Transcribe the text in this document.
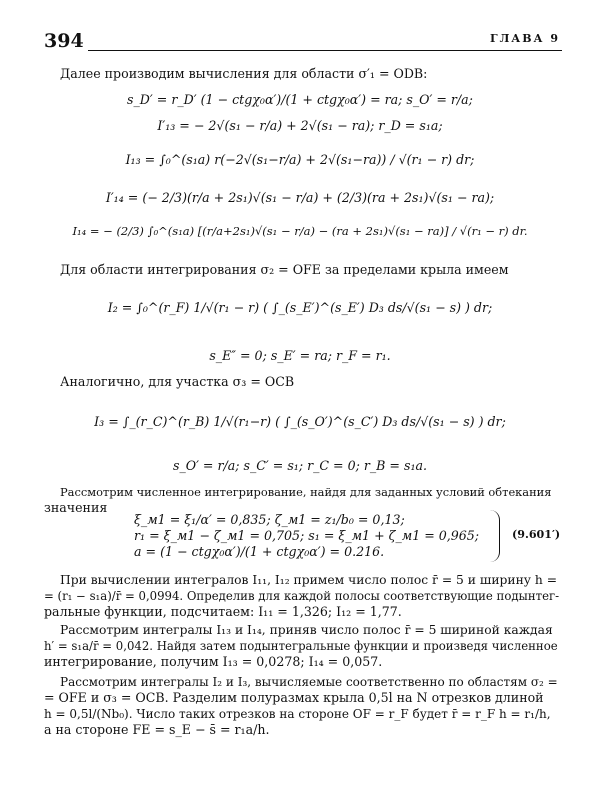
394	ГЛАВА 9
Далее производим вычисления для области σ′₁ = ODB:
s_D′ = r_D′ (1 − ctgχ₀α′)/(1 + ctgχ₀α′) = ra; s_O′ = r/a;
I′₁₃ = − 2√(s₁ − r/a) + 2√(s₁ − ra); r_D = s₁a;
I₁₃ = ∫₀^(s₁a) r(−2√(s₁−r/a) + 2√(s₁−ra)) / √(r₁ − r) dr;
I′₁₄ = (− 2/3)(r/a + 2s₁)√(s₁ − r/a) + (2/3)(ra + 2s₁)√(s₁ − ra);
I₁₄ = − (2/3) ∫₀^(s₁a) [(r/a+2s₁)√(s₁ − r/a) − (ra + 2s₁)√(s₁ − ra)] / √(r₁ − r) dr.
Для области интегрирования σ₂ = OFE за пределами крыла имеем
I₂ = ∫₀^(r_F) 1/√(r₁ − r) ( ∫_(s_E′)^(s_E′) D₃ ds/√(s₁ − s) ) dr;
s_E″ = 0; s_E′ = ra; r_F = r₁.
Аналогично, для участка σ₃ = OCB
I₃ = ∫_(r_C)^(r_B) 1/√(r₁−r) ( ∫_(s_O′)^(s_C′) D₃ ds/√(s₁ − s) ) dr;
s_O′ = r/a; s_C′ = s₁; r_C = 0; r_B = s₁a.
Рассмотрим численное интегрирование, найдя для заданных условий обтекания
значения
ξ_м1 = ξ₁/α′ = 0,835; ζ_м1 = z₁/b₀ = 0,13;
r₁ = ξ_м1 − ζ_м1 = 0,705; s₁ = ξ_м1 + ζ_м1 = 0,965;
a = (1 − ctgχ₀α′)/(1 + ctgχ₀α′) = 0.216.
(9.601′)
При вычислении интегралов I₁₁, I₁₂ примем число полос r̄ = 5 и ширину h =
= (r₁ − s₁a)/r̄ = 0,0994. Определив для каждой полосы соответствующие подынтег-
ральные функции, подсчитаем: I₁₁ = 1,326; I₁₂ = 1,77.
Рассмотрим интегралы I₁₃ и I₁₄, приняв число полос r̄ = 5 шириной каждая
h′ = s₁a/r̄ = 0,042. Найдя затем подынтегральные функции и произведя численное
интегрирование, получим I₁₃ = 0,0278; I₁₄ = 0,057.
Рассмотрим интегралы I₂ и I₃, вычисляемые соответственно по областям σ₂ =
= OFE и σ₃ = OCB. Разделим полуразмах крыла 0,5l на N отрезков длиной
h = 0,5l/(Nb₀). Число таких отрезков на стороне OF = r_F будет r̄ = r_F h = r₁/h,
а на стороне FE = s_E − s̄ = r₁a/h.
